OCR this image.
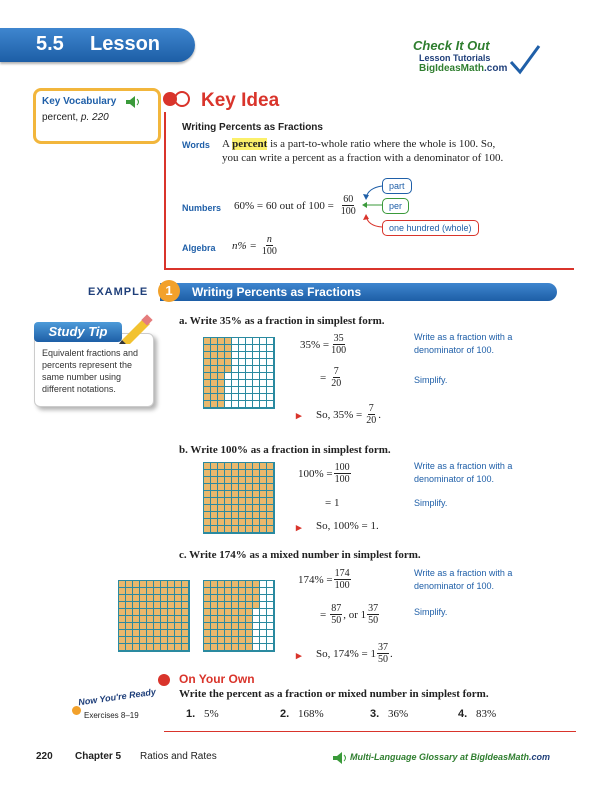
5.5 Lesson	Check It Out
Lesson Tutorials
BigIdeasMath.com
Key Vocabulary
percent, p. 220
Key Idea
Writing Percents as Fractions
Words A percent is a part-to-whole ratio where the whole is 100. So,
you can write a percent as a fraction with a denominator of 100.
Numbers 60% = 60 out of $100 = \frac{60}{100}$
part
per
one hundred (whole)
Algebra $n\% = \frac{n}{100}$
EXAMPLE	1	Writing Percents as Fractions
Study Tip
Equivalent fractions and percents represent the same number using different notations.
a. Write 35% as a fraction in simplest form.
$35\% = \frac{35}{100}$
= $\frac{7}{20}$
▸ So, $35\% = \frac{7}{20}$ .
Write as a fraction with a denominator of 100.
Simplify.
b. Write 100% as a fraction in simplest form.
$100\% = \frac{100}{100}$
= 1
▸ So, 100% = 1.
Write as a fraction with a denominator of 100.
Simplify.
c. Write 174% as a mixed number in simplest form.
$174\% = \frac{174}{100}$
= $\frac{87}{50}$ , or $1 \frac{37}{50}$
▸ So, $174\% = 1 \frac{37}{50}$ .
Write as a fraction with a denominator of 100.
Simplify.
On Your Own
Write the percent as a fraction or mixed number in simplest form.
Now You're Ready
Exercises 8–19	1. 5%	2. 168%	3. 36%	4. 83%
220 Chapter 5 Ratios and Rates	Multi-Language Glossary at BigIdeasMath.com
